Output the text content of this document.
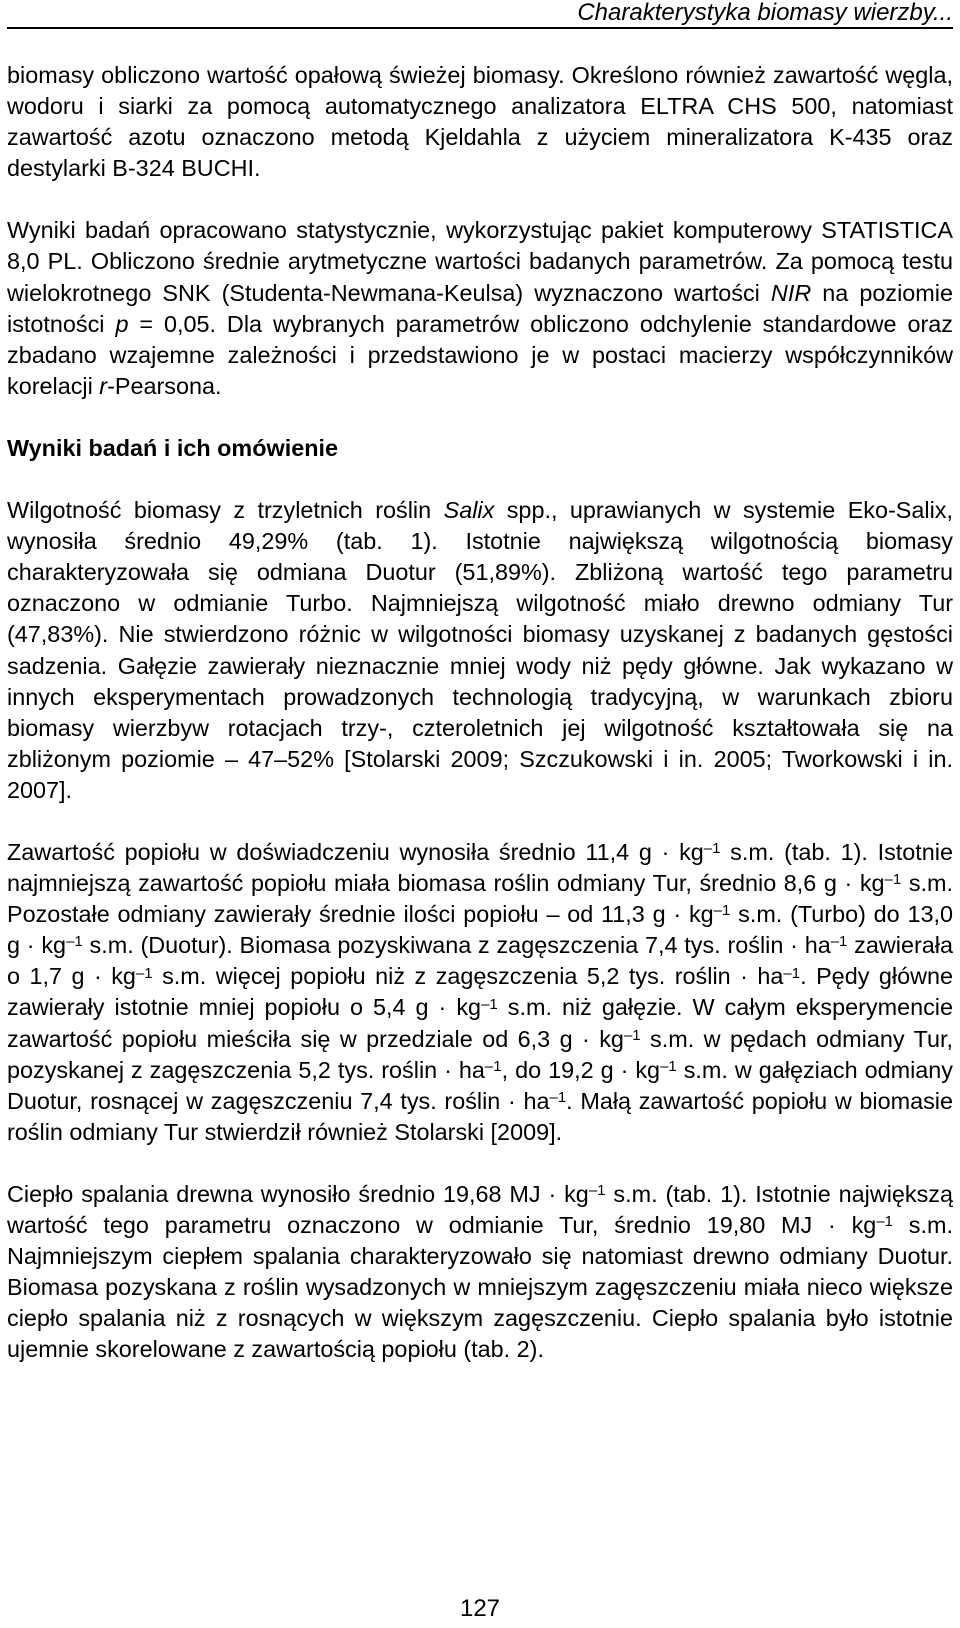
Charakterystyka biomasy wierzby...

biomasy obliczono wartość opałową świeżej biomasy. Określono również zawartość węgla, wodoru i siarki za pomocą automatycznego analizatora ELTRA CHS 500, natomiast zawartość azotu oznaczono metodą Kjeldahla z użyciem mineralizatora K-435 oraz destylarki B-324 BUCHI.

Wyniki badań opracowano statystycznie, wykorzystując pakiet komputerowy STATISTICA 8,0 PL. Obliczono średnie arytmetyczne wartości badanych parametrów. Za pomocą testu wielokrotnego SNK (Studenta-Newmana-Keulsa) wyznaczono wartości NIR na poziomie istotności p = 0,05. Dla wybranych parametrów obliczono odchylenie standardowe oraz zbadano wzajemne zależności i przedstawiono je w postaci macierzy współczynników korelacji r-Pearsona.

Wyniki badań i ich omówienie

Wilgotność biomasy z trzyletnich roślin Salix spp., uprawianych w systemie Eko-Salix, wynosiła średnio 49,29% (tab. 1). Istotnie największą wilgotnością biomasy charakteryzowała się odmiana Duotur (51,89%). Zbliżoną wartość tego parametru oznaczono w odmianie Turbo. Najmniejszą wilgotność miało drewno odmiany Tur (47,83%). Nie stwierdzono różnic w wilgotności biomasy uzyskanej z badanych gęstości sadzenia. Gałęzie zawierały nieznacznie mniej wody niż pędy główne. Jak wykazano w innych eksperymentach prowadzonych technologią tradycyjną, w warunkach zbioru biomasy wierzbyw rotacjach trzy-, czteroletnich jej wilgotność kształtowała się na zbliżonym poziomie – 47–52% [Stolarski 2009; Szczukowski i in. 2005; Tworkowski i in. 2007].

Zawartość popiołu w doświadczeniu wynosiła średnio 11,4 $g \cdot kg^{-1}$ s.m. (tab. 1). Istotnie najmniejszą zawartość popiołu miała biomasa roślin odmiany Tur, średnio 8,6 $g \cdot kg^{-1}$ s.m. Pozostałe odmiany zawierały średnie ilości popiołu – od 11,3 $g \cdot kg^{-1}$ s.m. (Turbo) do 13,0 $g \cdot kg^{-1}$ s.m. (Duotur). Biomasa pozyskiwana z zagęszczenia 7,4 tys. roślin · $ha^{-1}$ zawierała o 1,7 $g \cdot kg^{-1}$ s.m. więcej popiołu niż z zagęszczenia 5,2 tys. roślin · $ha^{-1}$. Pędy główne zawierały istotnie mniej popiołu o 5,4 $g \cdot kg^{-1}$ s.m. niż gałęzie. W całym eksperymencie zawartość popiołu mieściła się w przedziale od 6,3 $g \cdot kg^{-1}$ s.m. w pędach odmiany Tur, pozyskanej z zagęszczenia 5,2 tys. roślin · $ha^{-1}$, do 19,2 $g \cdot kg^{-1}$ s.m. w gałęziach odmiany Duotur, rosnącej w zagęszczeniu 7,4 tys. roślin · $ha^{-1}$. Małą zawartość popiołu w biomasie roślin odmiany Tur stwierdził również Stolarski [2009].

Ciepło spalania drewna wynosiło średnio 19,68 MJ · $kg^{-1}$ s.m. (tab. 1). Istotnie największą wartość tego parametru oznaczono w odmianie Tur, średnio 19,80 MJ · $kg^{-1}$ s.m. Najmniejszym ciepłem spalania charakteryzowało się natomiast drewno odmiany Duotur. Biomasa pozyskana z roślin wysadzonych w mniejszym zagęszczeniu miała nieco większe ciepło spalania niż z rosnących w większym zagęszczeniu. Ciepło spalania było istotnie ujemnie skorelowane z zawartością popiołu (tab. 2).

127
